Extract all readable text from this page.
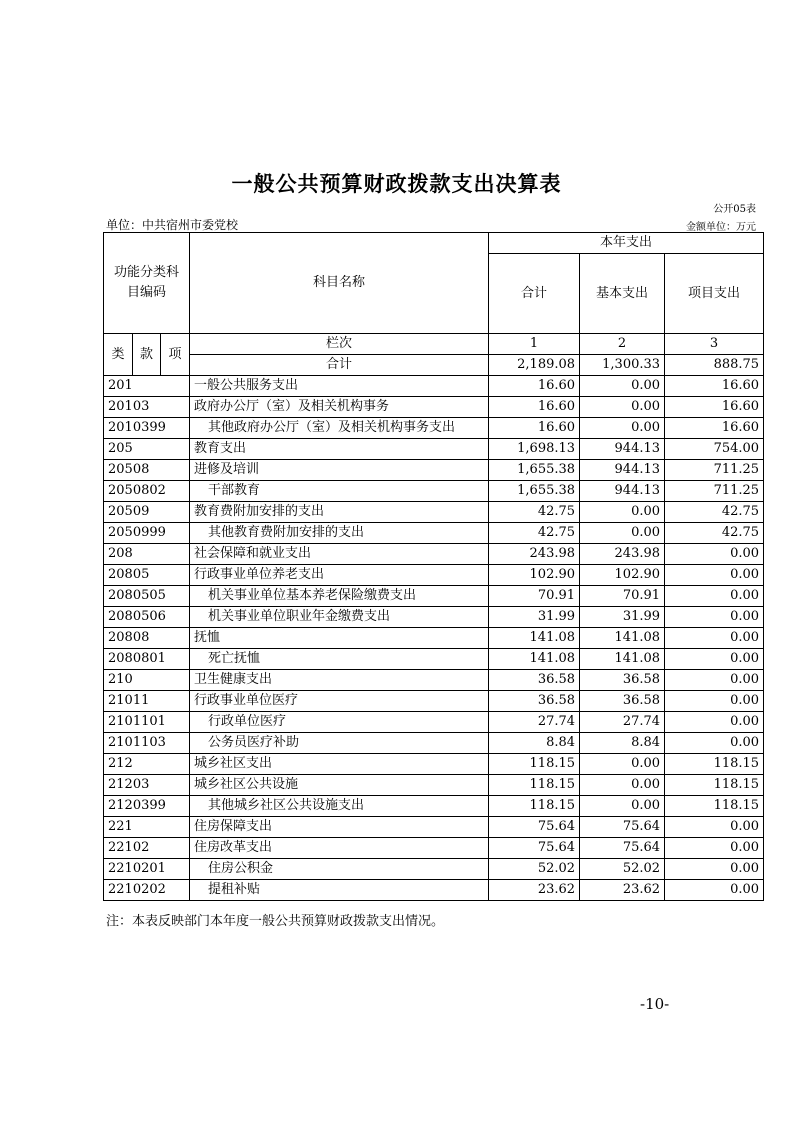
一般公共预算财政拨款支出决算表
公开05表
单位：中共宿州市委党校	金额单位：万元
功能分类科目编码			科目名称	本年支出		
				合计	基本支出	项目支出

类	款	项	栏次	1	2	3
			合计	2,189.08	1,300.33	888.75
201			一般公共服务支出	16.60	0.00	16.60
20103			政府办公厅（室）及相关机构事务	16.60	0.00	16.60
2010399			其他政府办公厅（室）及相关机构事务支出	16.60	0.00	16.60
205			教育支出	1,698.13	944.13	754.00
20508			进修及培训	1,655.38	944.13	711.25
2050802			干部教育	1,655.38	944.13	711.25
20509			教育费附加安排的支出	42.75	0.00	42.75
2050999			其他教育费附加安排的支出	42.75	0.00	42.75
208			社会保障和就业支出	243.98	243.98	0.00
20805			行政事业单位养老支出	102.90	102.90	0.00
2080505			机关事业单位基本养老保险缴费支出	70.91	70.91	0.00
2080506			机关事业单位职业年金缴费支出	31.99	31.99	0.00
20808			抚恤	141.08	141.08	0.00
2080801			死亡抚恤	141.08	141.08	0.00
210			卫生健康支出	36.58	36.58	0.00
21011			行政事业单位医疗	36.58	36.58	0.00
2101101			行政单位医疗	27.74	27.74	0.00
2101103			公务员医疗补助	8.84	8.84	0.00
212			城乡社区支出	118.15	0.00	118.15
21203			城乡社区公共设施	118.15	0.00	118.15
2120399			其他城乡社区公共设施支出	118.15	0.00	118.15
221			住房保障支出	75.64	75.64	0.00
22102			住房改革支出	75.64	75.64	0.00
2210201			住房公积金	52.02	52.02	0.00
2210202			提租补贴	23.62	23.62	0.00
注：本表反映部门本年度一般公共预算财政拨款支出情况。
-10-
